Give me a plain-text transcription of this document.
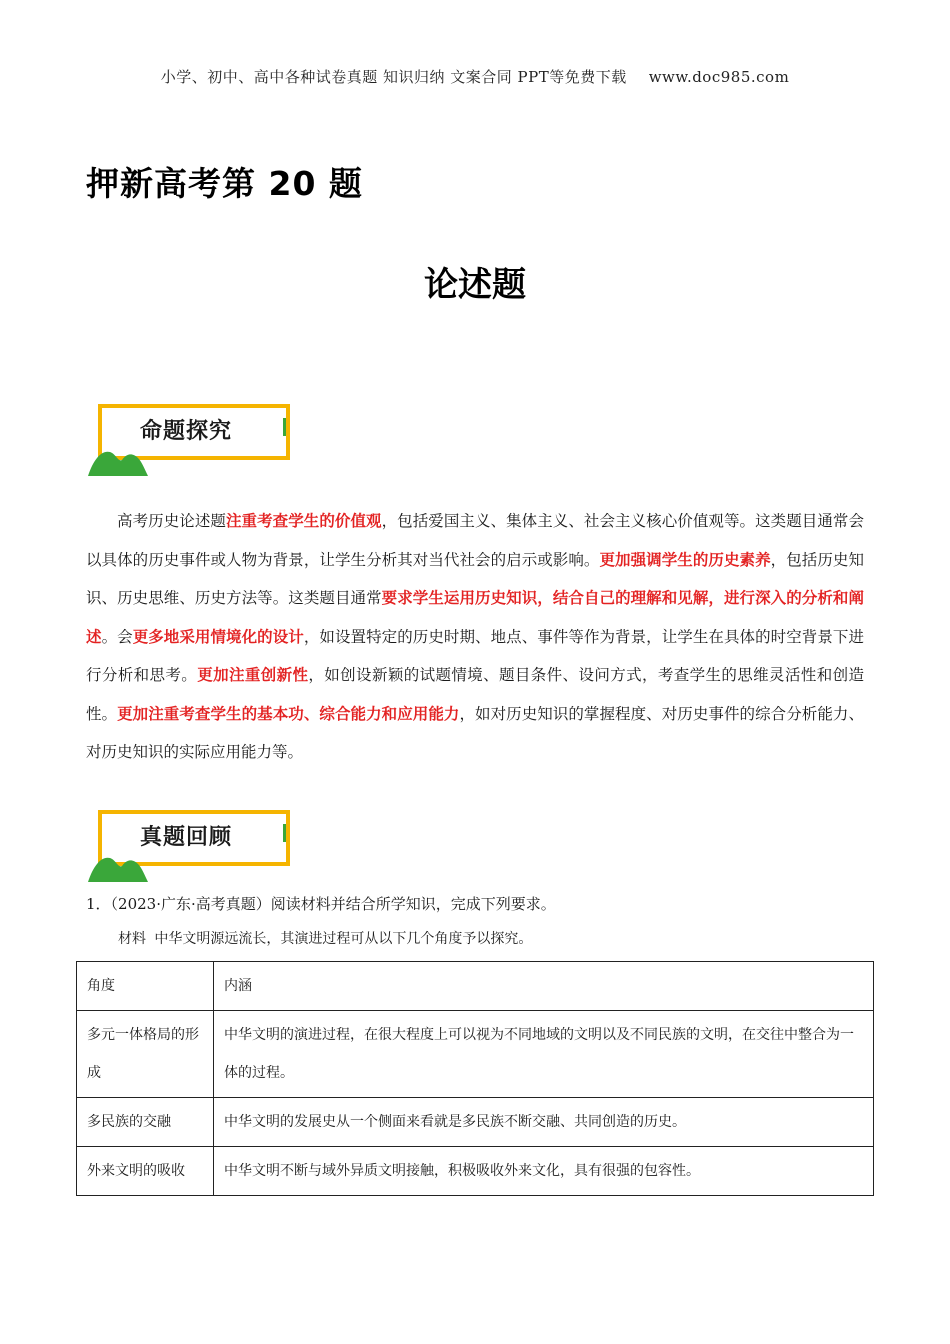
小学、初中、高中各种试卷真题 知识归纳 文案合同 PPT等免费下载 www.doc985.com
押新高考第 20 题
论述题
命题探究
高考历史论述题注重考查学生的价值观，包括爱国主义、集体主义、社会主义核心价值观等。这类题目通常会以具体的历史事件或人物为背景，让学生分析其对当代社会的启示或影响。更加强调学生的历史素养，包括历史知识、历史思维、历史方法等。这类题目通常要求学生运用历史知识，结合自己的理解和见解，进行深入的分析和阐述。会更多地采用情境化的设计，如设置特定的历史时期、地点、事件等作为背景，让学生在具体的时空背景下进行分析和思考。更加注重创新性，如创设新颖的试题情境、题目条件、设问方式，考查学生的思维灵活性和创造性。更加注重考查学生的基本功、综合能力和应用能力，如对历史知识的掌握程度、对历史事件的综合分析能力、对历史知识的实际应用能力等。
真题回顾
1．（2023·广东·高考真题）阅读材料并结合所学知识，完成下列要求。
材料 中华文明源远流长，其演进过程可从以下几个角度予以探究。
角度	内涵
多元一体格局的形成	中华文明的演进过程，在很大程度上可以视为不同地域的文明以及不同民族的文明，在交往中整合为一体的过程。
多民族的交融	中华文明的发展史从一个侧面来看就是多民族不断交融、共同创造的历史。
外来文明的吸收	中华文明不断与域外异质文明接触，积极吸收外来文化，具有很强的包容性。
